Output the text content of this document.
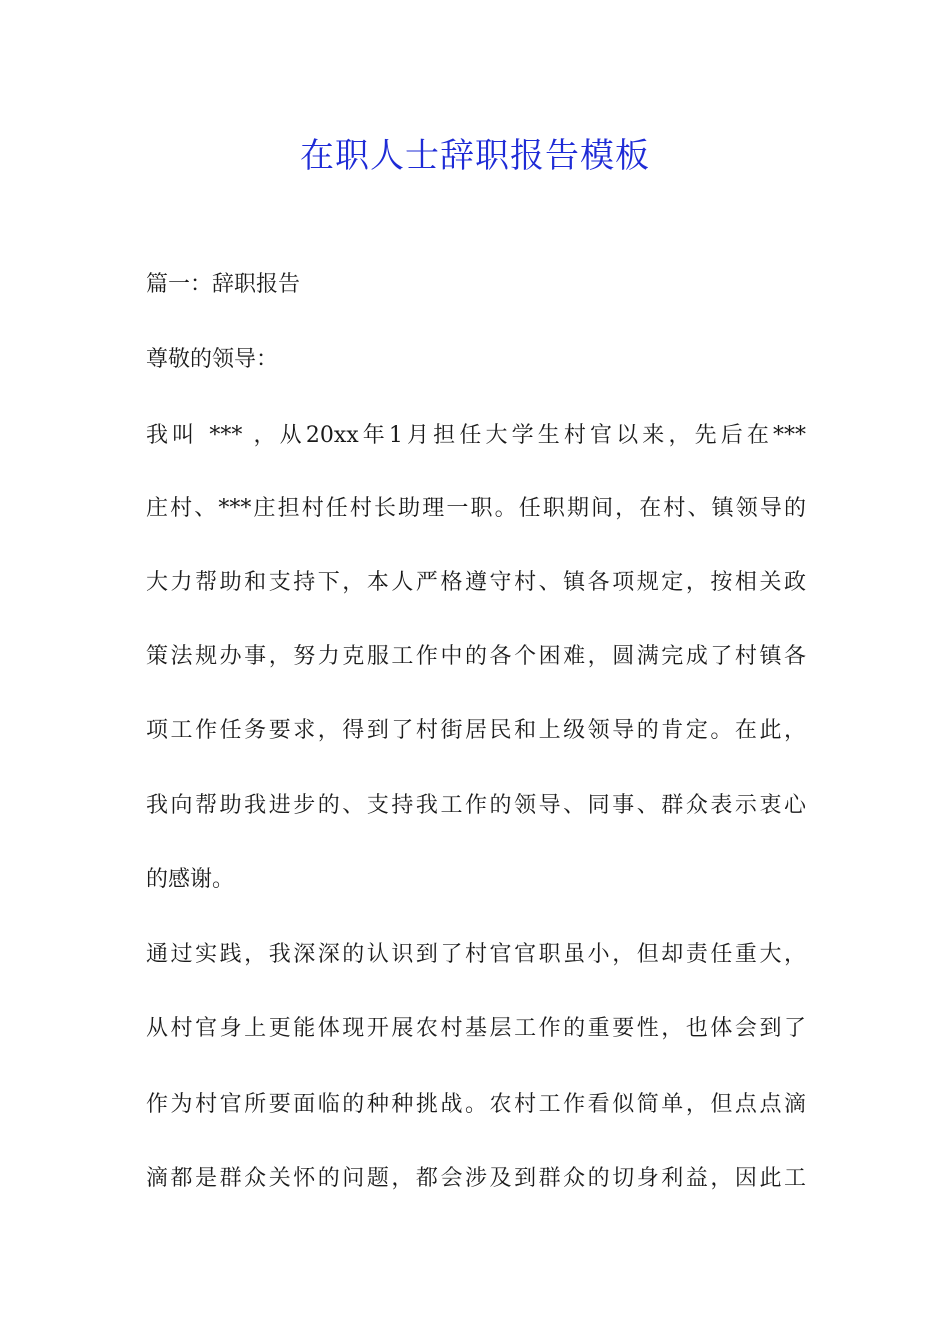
在职人士辞职报告模板

篇一：辞职报告

尊敬的领导：

我叫 *** ，从20xx年1月担任大学生村官以来，先后在***

庄村、***庄担村任村长助理一职。任职期间，在村、镇领导的

大力帮助和支持下，本人严格遵守村、镇各项规定，按相关政

策法规办事，努力克服工作中的各个困难，圆满完成了村镇各

项工作任务要求，得到了村街居民和上级领导的肯定。在此，

我向帮助我进步的、支持我工作的领导、同事、群众表示衷心

的感谢。

通过实践，我深深的认识到了村官官职虽小，但却责任重大，

从村官身上更能体现开展农村基层工作的重要性，也体会到了

作为村官所要面临的种种挑战。农村工作看似简单，但点点滴

滴都是群众关怀的问题，都会涉及到群众的切身利益，因此工
